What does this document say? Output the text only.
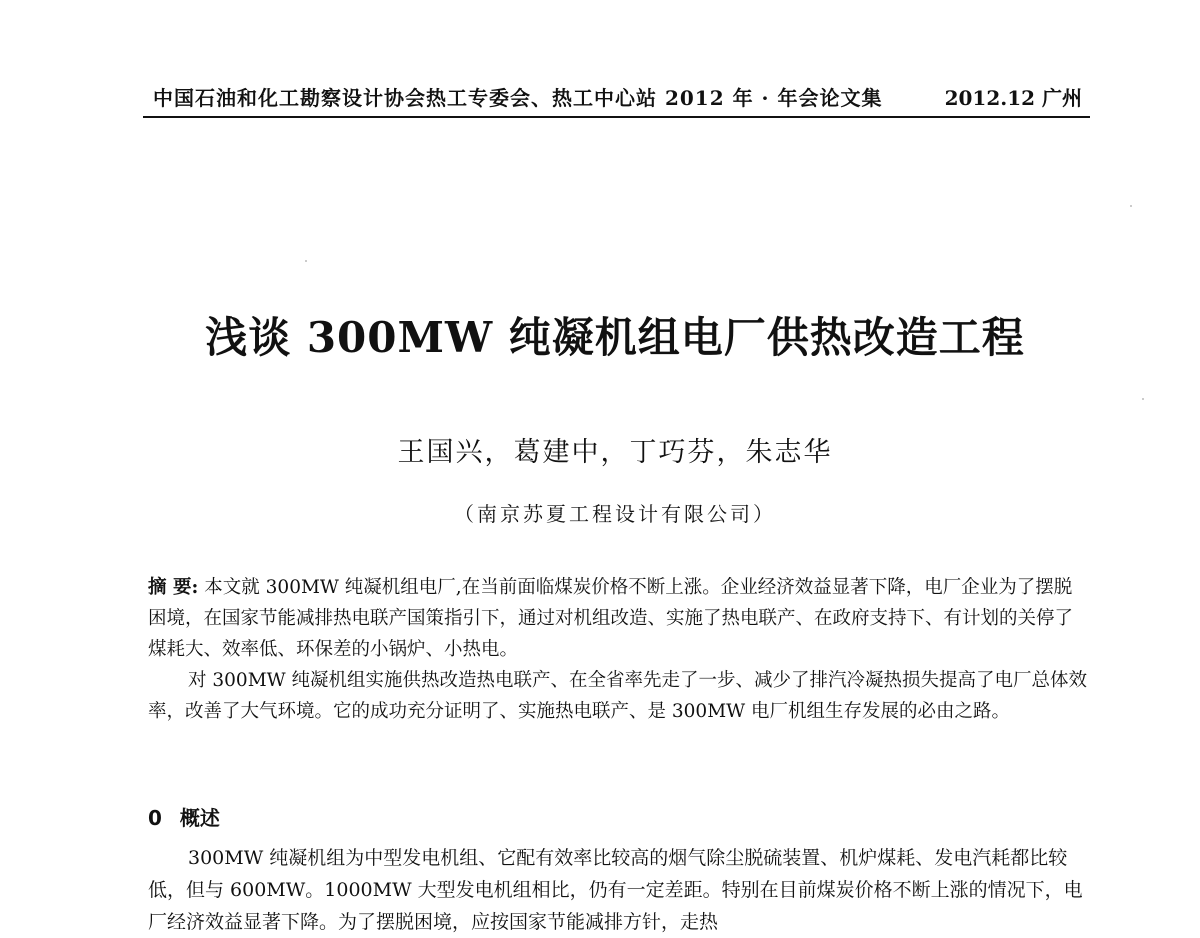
中国石油和化工勘察设计协会热工专委会、热工中心站 2012 年 · 年会论文集	2012.12 广州
浅谈 300MW 纯凝机组电厂供热改造工程
王国兴，葛建中，丁巧芬，朱志华
（南京苏夏工程设计有限公司）

摘 要: 本文就 300MW 纯凝机组电厂,在当前面临煤炭价格不断上涨。企业经济效益显著下降，电厂企业为了摆脱困境，在国家节能减排热电联产国策指引下，通过对机组改造、实施了热电联产、在政府支持下、有计划的关停了煤耗大、效率低、环保差的小锅炉、小热电。

对 300MW 纯凝机组实施供热改造热电联产、在全省率先走了一步、减少了排汽冷凝热损失提高了电厂总体效率，改善了大气环境。它的成功充分证明了、实施热电联产、是 300MW 电厂机组生存发展的必由之路。

0 概述

300MW 纯凝机组为中型发电机组、它配有效率比较高的烟气除尘脱硫装置、机炉煤耗、发电汽耗都比较低，但与 600MW。1000MW 大型发电机组相比，仍有一定差距。特别在目前煤炭价格不断上涨的情况下，电厂经济效益显著下降。为了摆脱困境，应按国家节能减排方针，走热
